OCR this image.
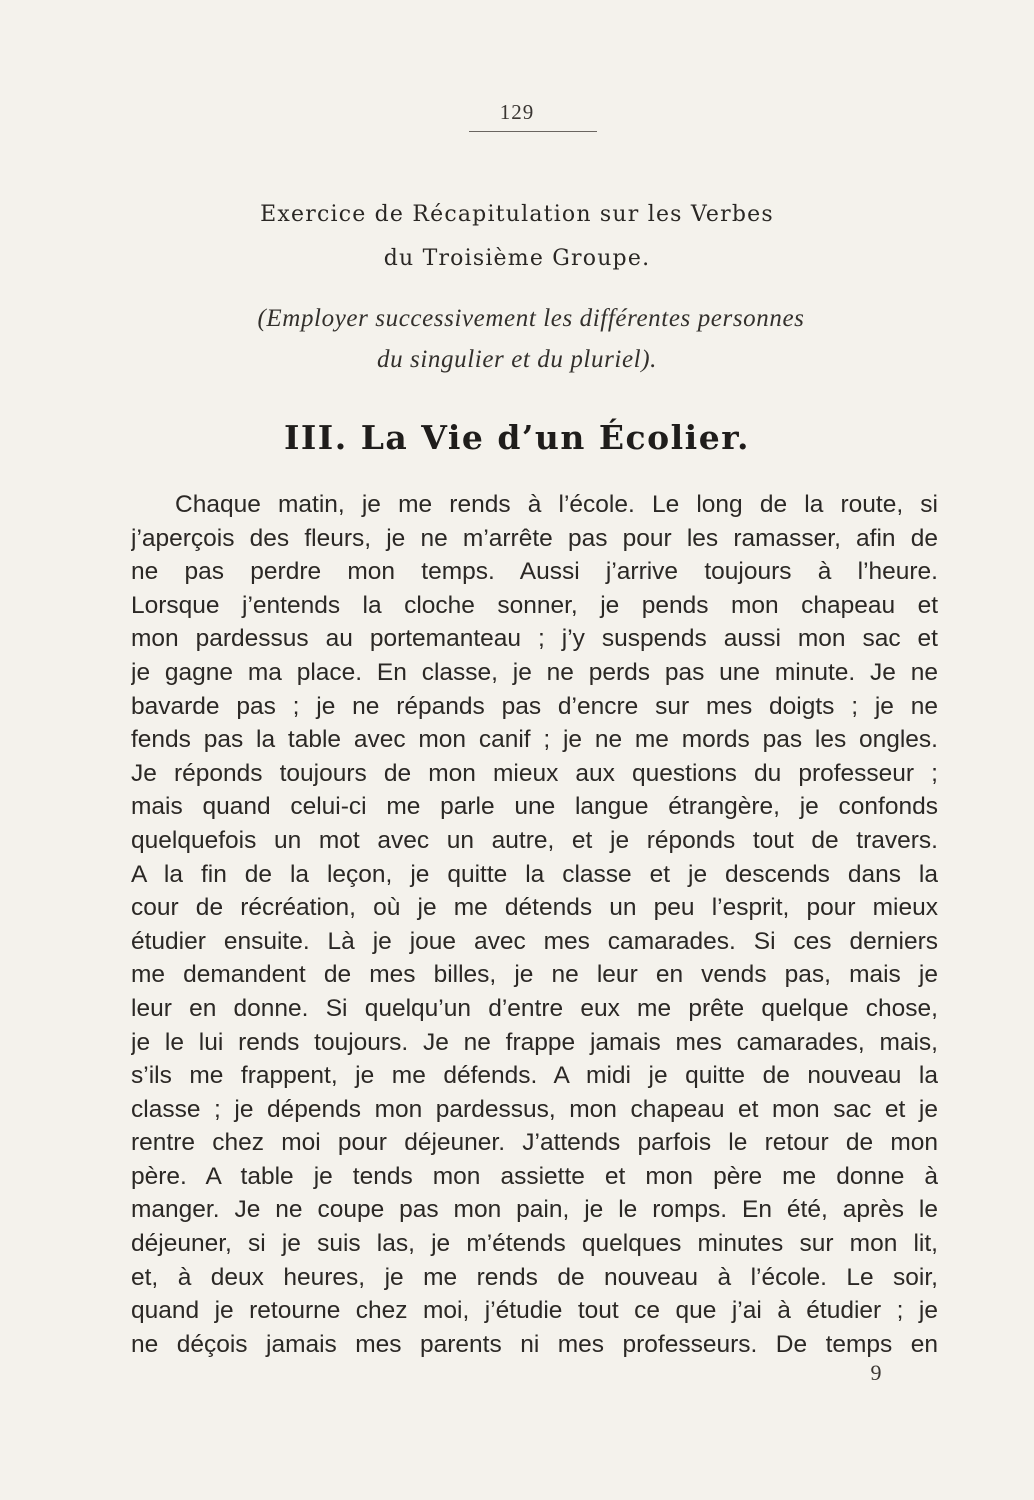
129
Exercice de Récapitulation sur les Verbes
du Troisième Groupe.
(Employer successivement les différentes personnes
du singulier et du pluriel).
III. La Vie d’un Écolier.
Chaque matin, je me rends à l’école. Le long de la route, si
j’aperçois des fleurs, je ne m’arrête pas pour les ramasser, afin de
ne pas perdre mon temps. Aussi j’arrive toujours à l’heure.
Lorsque j’entends la cloche sonner, je pends mon chapeau et
mon pardessus au portemanteau ; j’y suspends aussi mon sac et
je gagne ma place. En classe, je ne perds pas une minute. Je ne
bavarde pas ; je ne répands pas d’encre sur mes doigts ; je ne
fends pas la table avec mon canif ; je ne me mords pas les ongles.
Je réponds toujours de mon mieux aux questions du professeur ;
mais quand celui-ci me parle une langue étrangère, je confonds
quelquefois un mot avec un autre, et je réponds tout de travers.
A la fin de la leçon, je quitte la classe et je descends dans la
cour de récréation, où je me détends un peu l’esprit, pour mieux
étudier ensuite. Là je joue avec mes camarades. Si ces derniers
me demandent de mes billes, je ne leur en vends pas, mais je
leur en donne. Si quelqu’un d’entre eux me prête quelque chose,
je le lui rends toujours. Je ne frappe jamais mes camarades, mais,
s’ils me frappent, je me défends. A midi je quitte de nouveau la
classe ; je dépends mon pardessus, mon chapeau et mon sac et je
rentre chez moi pour déjeuner. J’attends parfois le retour de mon
père. A table je tends mon assiette et mon père me donne à
manger. Je ne coupe pas mon pain, je le romps. En été, après le
déjeuner, si je suis las, je m’étends quelques minutes sur mon lit,
et, à deux heures, je me rends de nouveau à l’école. Le soir,
quand je retourne chez moi, j’étudie tout ce que j’ai à étudier ; je
ne déçois jamais mes parents ni mes professeurs. De temps en
9
